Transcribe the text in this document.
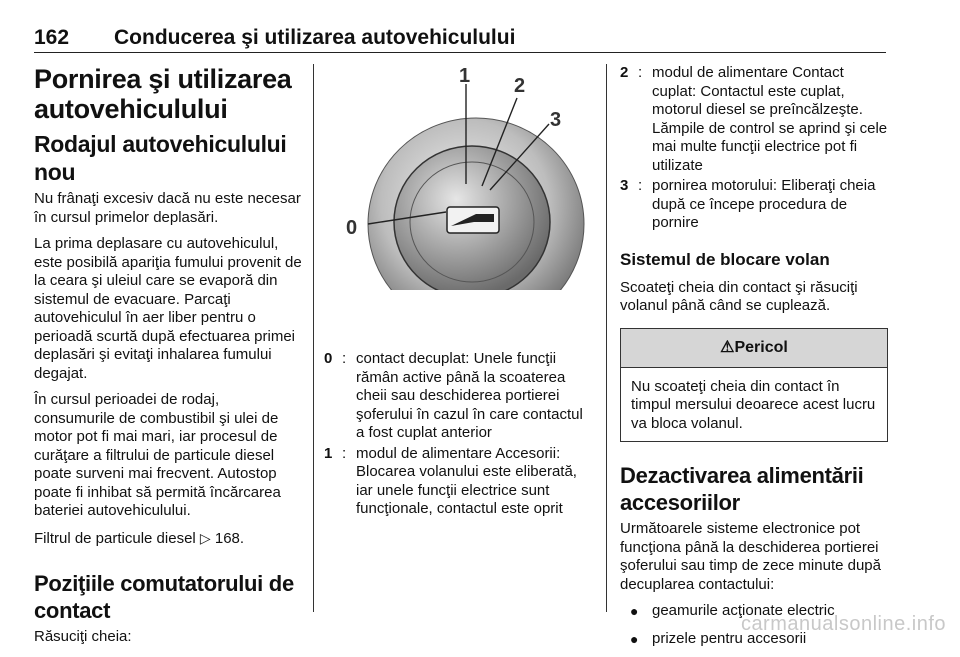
162 Conducerea şi utilizarea autovehiculului
Pornirea şi utilizarea autovehiculului
Rodajul autovehiculului nou

Nu frânaţi excesiv dacă nu este necesar în cursul primelor deplasări.

La prima deplasare cu autovehiculul, este posibilă apariţia fumului provenit de la ceara şi uleiul care se evaporă din sistemul de evacuare. Parcaţi autovehiculul în aer liber pentru o perioadă scurtă după efectuarea primei deplasări şi evitaţi inhalarea fumului degajat.

În cursul perioadei de rodaj, consumurile de combustibil şi ulei de motor pot fi mai mari, iar procesul de curăţare a filtrului de particule diesel poate surveni mai frecvent. Autostop poate fi inhibat să permită încărcarea bateriei autovehiculului.

Filtrul de particule diesel ▷ 168.

Poziţiile comutatorului de contact

Răsuciţi cheia:

0
1 2
3
0 : contact decuplat: Unele funcţii rămân active până la scoaterea cheii sau deschiderea portierei şoferului în cazul în care contactul a fost cuplat anterior
1 : modul de alimentare Accesorii: Blocarea volanului este eliberată, iar unele funcţii electrice sunt funcţionale, contactul este oprit
2 : modul de alimentare Contact cuplat: Contactul este cuplat, motorul diesel se preîncălzeşte. Lămpile de control se aprind şi cele mai multe funcţii electrice pot fi utilizate
3 : pornirea motorului: Eliberaţi cheia după ce începe procedura de pornire
Sistemul de blocare volan

Scoateţi cheia din contact şi răsuciţi volanul până când se cuplează.

⚠Pericol
Nu scoateţi cheia din contact în timpul mersului deoarece acest lucru va bloca volanul.
Dezactivarea alimentării accesoriilor

Următoarele sisteme electronice pot funcţiona până la deschiderea portierei şoferului sau timp de zece minute după decuplarea contactului:

● geamurile acţionate electric
● prizele pentru accesorii
carmanualsonline.info
